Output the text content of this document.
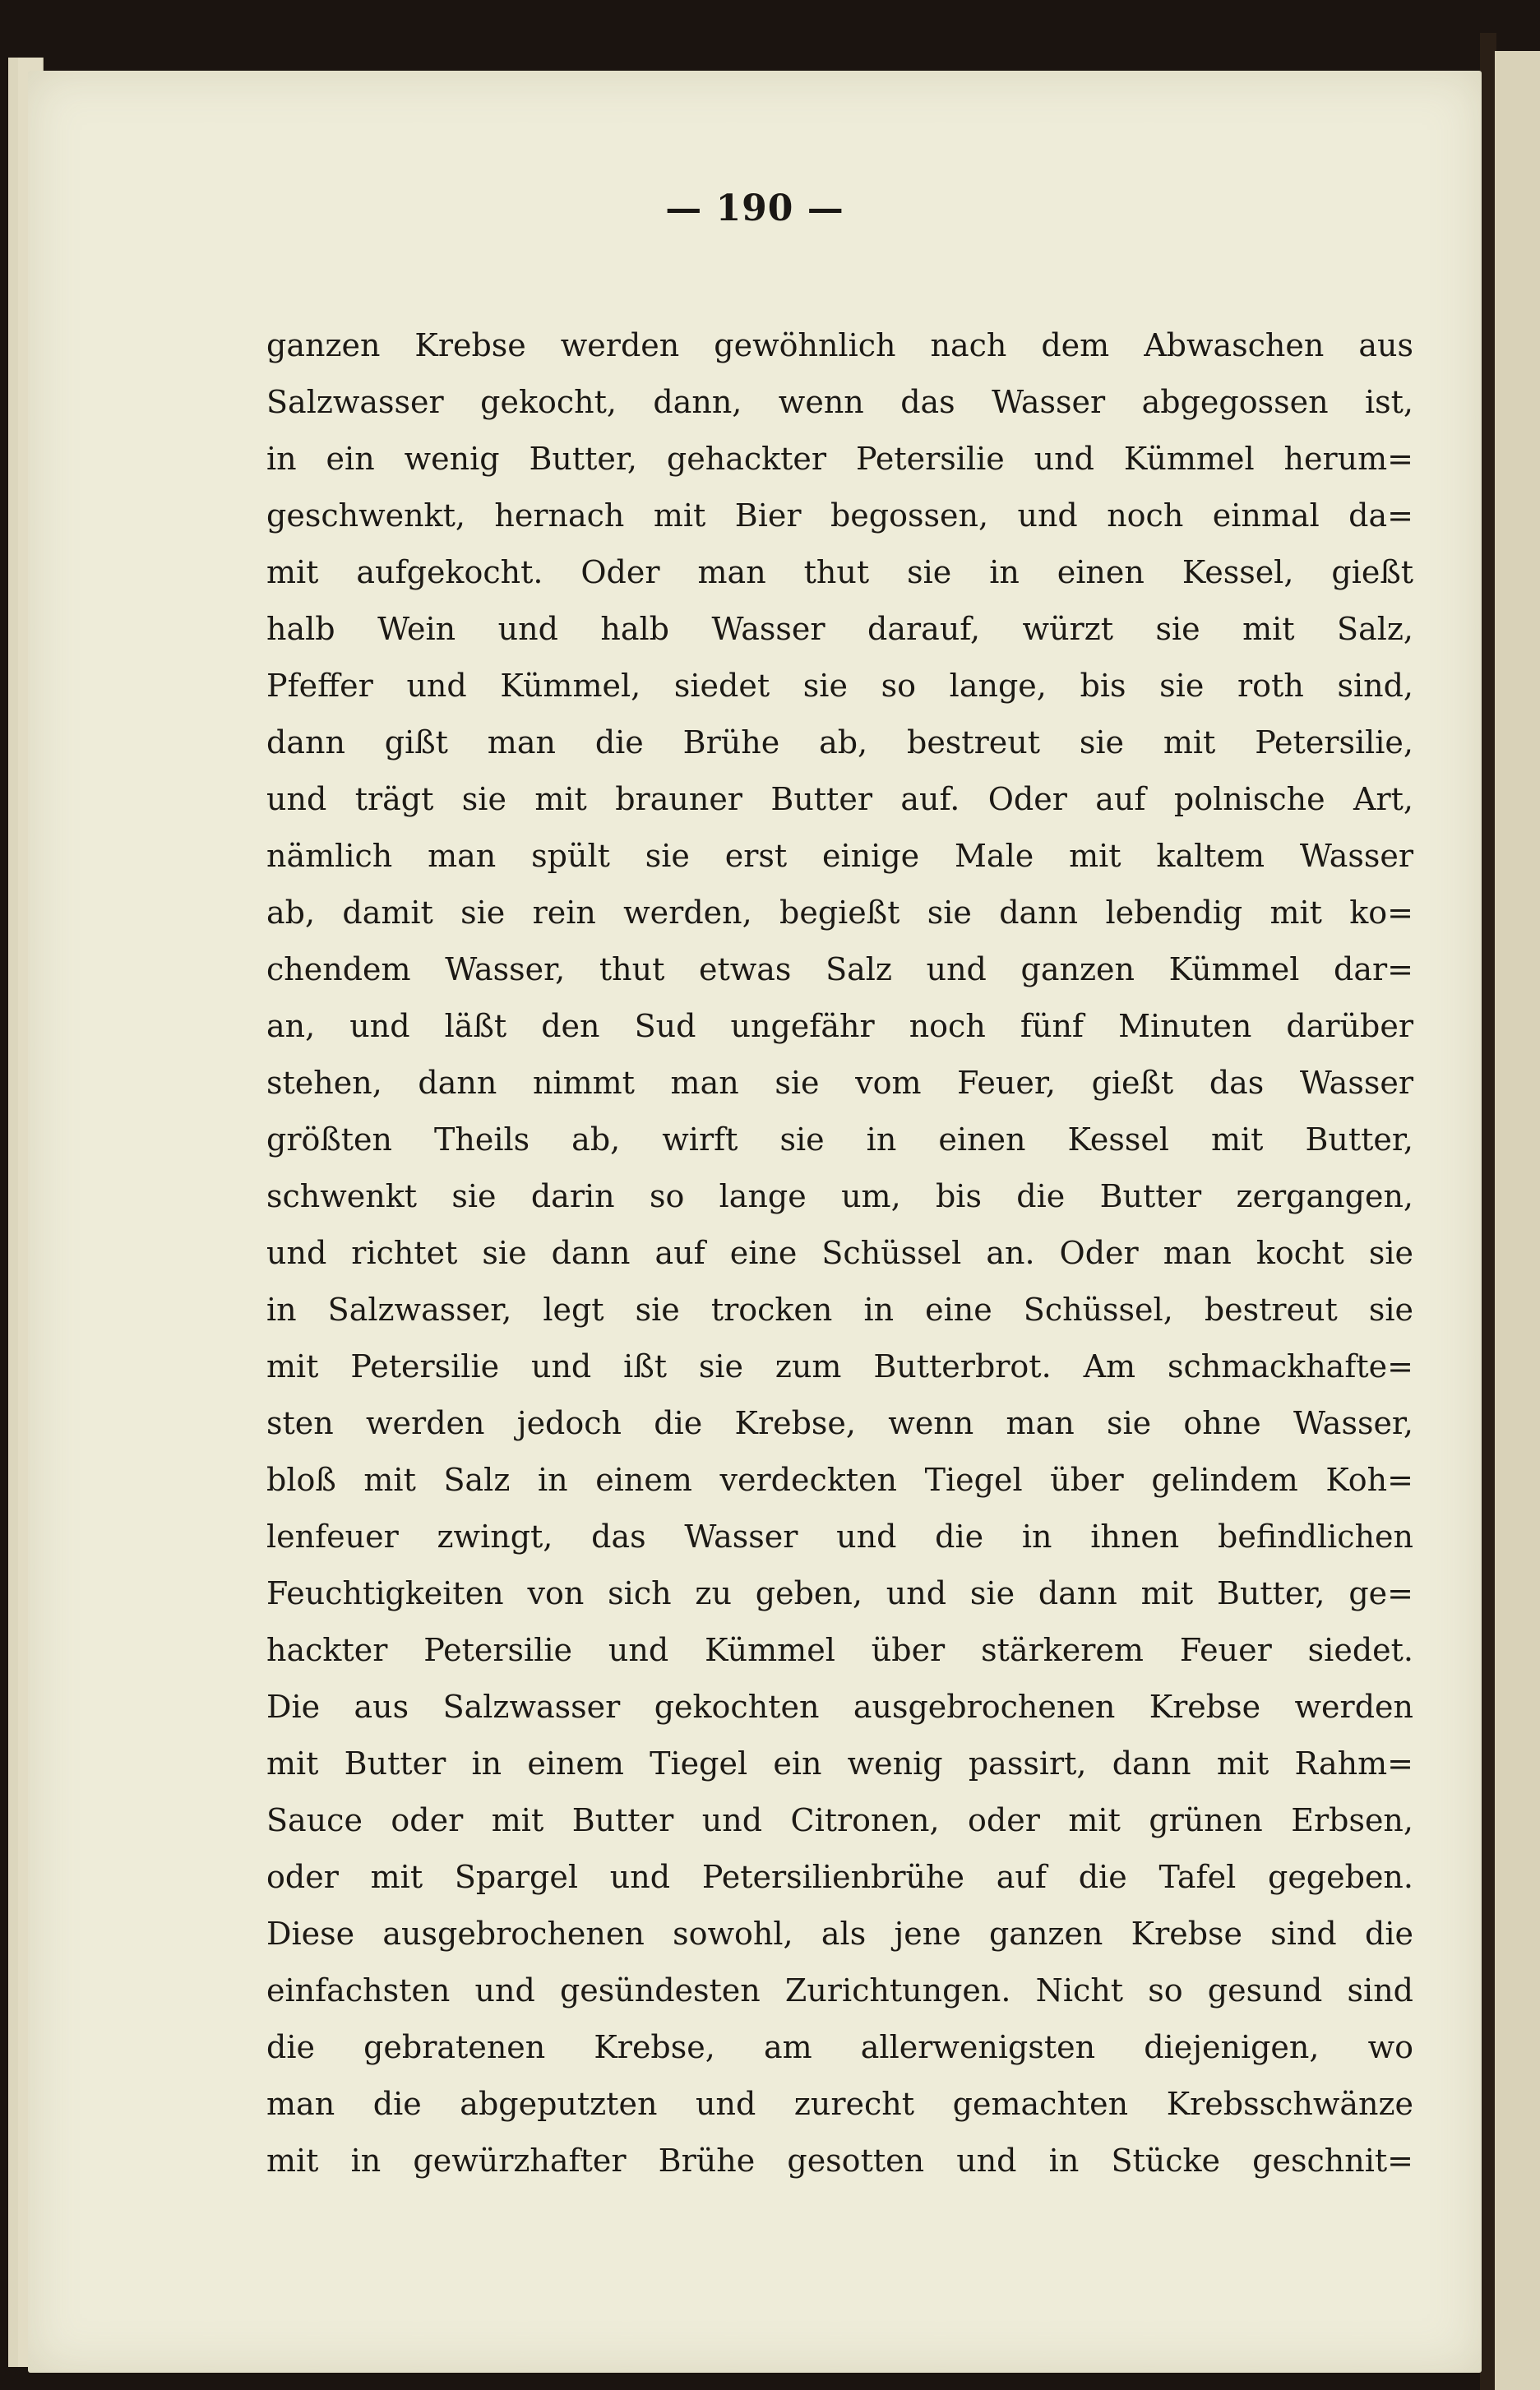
— 190 —
ganzen Krebse werden gewöhnlich nach dem Abwaschen aus
Salzwasser gekocht, dann, wenn das Wasser abgegossen ist,
in ein wenig Butter, gehackter Petersilie und Kümmel herum=
geschwenkt, hernach mit Bier begossen, und noch einmal da=
mit aufgekocht. Oder man thut sie in einen Kessel, gießt
halb Wein und halb Wasser darauf, würzt sie mit Salz,
Pfeffer und Kümmel, siedet sie so lange, bis sie roth sind,
dann gißt man die Brühe ab, bestreut sie mit Petersilie,
und trägt sie mit brauner Butter auf. Oder auf polnische Art,
nämlich man spült sie erst einige Male mit kaltem Wasser
ab, damit sie rein werden, begießt sie dann lebendig mit ko=
chendem Wasser, thut etwas Salz und ganzen Kümmel dar=
an, und läßt den Sud ungefähr noch fünf Minuten darüber
stehen, dann nimmt man sie vom Feuer, gießt das Wasser
größten Theils ab, wirft sie in einen Kessel mit Butter,
schwenkt sie darin so lange um, bis die Butter zergangen,
und richtet sie dann auf eine Schüssel an. Oder man kocht sie
in Salzwasser, legt sie trocken in eine Schüssel, bestreut sie
mit Petersilie und ißt sie zum Butterbrot. Am schmackhafte=
sten werden jedoch die Krebse, wenn man sie ohne Wasser,
bloß mit Salz in einem verdeckten Tiegel über gelindem Koh=
lenfeuer zwingt, das Wasser und die in ihnen befindlichen
Feuchtigkeiten von sich zu geben, und sie dann mit Butter, ge=
hackter Petersilie und Kümmel über stärkerem Feuer siedet.
Die aus Salzwasser gekochten ausgebrochenen Krebse werden
mit Butter in einem Tiegel ein wenig passirt, dann mit Rahm=
Sauce oder mit Butter und Citronen, oder mit grünen Erbsen,
oder mit Spargel und Petersilienbrühe auf die Tafel gegeben.
Diese ausgebrochenen sowohl, als jene ganzen Krebse sind die
einfachsten und gesündesten Zurichtungen. Nicht so gesund sind
die gebratenen Krebse, am allerwenigsten diejenigen, wo
man die abgeputzten und zurecht gemachten Krebsschwänze
mit in gewürzhafter Brühe gesotten und in Stücke geschnit=
